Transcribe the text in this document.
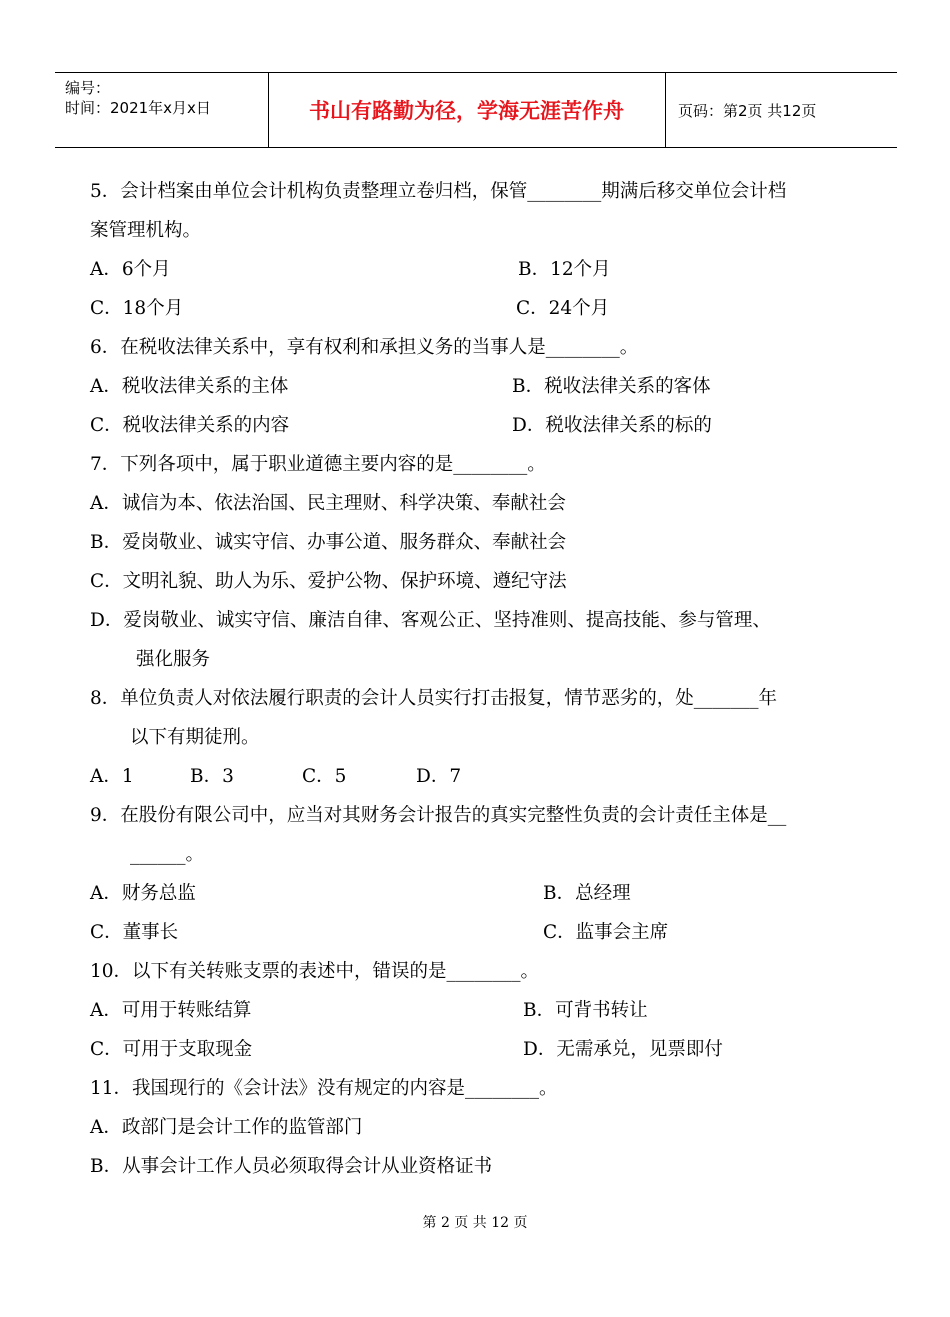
编号：
时间：2021年x月x日	书山有路勤为径，学海无涯苦作舟	页码：第2页 共12页
5．会计档案由单位会计机构负责整理立卷归档，保管________期满后移交单位会计档
案管理机构。
A．6个月	B．12个月
C．18个月	C．24个月
6．在税收法律关系中，享有权利和承担义务的当事人是________。
A．税收法律关系的主体	B．税收法律关系的客体
C．税收法律关系的内容	D．税收法律关系的标的
7．下列各项中，属于职业道德主要内容的是________。
A．诚信为本、依法治国、民主理财、科学决策、奉献社会
B．爱岗敬业、诚实守信、办事公道、服务群众、奉献社会
C．文明礼貌、助人为乐、爱护公物、保护环境、遵纪守法
D．爱岗敬业、诚实守信、廉洁自律、客观公正、坚持准则、提高技能、参与管理、
强化服务
8．单位负责人对依法履行职责的会计人员实行打击报复，情节恶劣的，处_______年
以下有期徒刑。
A．1	B．3	C．5	D．7
9．在股份有限公司中，应当对其财务会计报告的真实完整性负责的会计责任主体是__
______。
A．财务总监	B．总经理
C．董事长	C．监事会主席
10．以下有关转账支票的表述中，错误的是________。
A．可用于转账结算	B．可背书转让
C．可用于支取现金	D．无需承兑，见票即付
11．我国现行的《会计法》没有规定的内容是________。
A．政部门是会计工作的监管部门
B．从事会计工作人员必须取得会计从业资格证书
第 2 页 共 12 页
